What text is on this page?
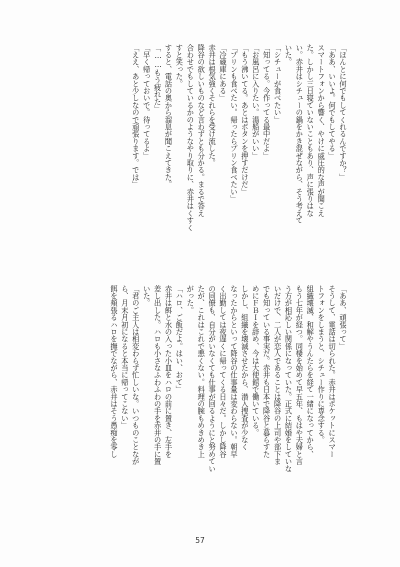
「ほんとに何でもしてくれるんですか？」
「ああ、いいよ。何でもしてやる」
スマートフォンから響く、やけに威圧的な声が聞こえ
た。しかし三日寝ていないこともあり、声に張りはな
い。赤井はシチューの鍋をかき混ぜながら、そう考えて
いた。
「シチューが食べたい」
「知ってる。今作ってる最中だよ」
「お風呂に入りたい。湯船がいい」
「もう沸いてる。あとはボタンを押すだけだ」
「プリンも食べたい。帰ったらプリン食べたい」
「冷蔵庫にある」
赤井は根気強くそれらを受け流した。
降谷の欲しいものなど言わずとも分かる。まるで答え
合わせでもしているかのようなやり取りに、赤井はくすく
すと笑った。
すると、電話の奥から溜息が聞こえてきた。
「……もう疲れた」
「早く帰っておいで。待ってるよ」
「ええ、あと少しなので頑張ります。では」
「ああ、頑張って」
そうして、電話は切られた。赤井はポケットにスマー
トフォンをしまうと、シチュー作りに専念する。
組織壊滅、和解やうんたらを経て一緒になってから、
もう七年が経つ。同棲を始めて早五年、もはや夫婦と言
う方が相応しい関係になっていた。正式に結婚をしていな
いだけで、二人が恋人であることは降谷の上司や部下ま
でも知っている事実だ。赤井も日本で降谷と暮らすた
めにＦＢＩを辞め、今は大使館で働いている。
しかし、組織を壊滅させたから、潜入捜査が少なく
なったからといって降谷の仕事量は変わらない。朝早
く出勤しては夜遅くに帰ってくる日々だ。しかし降谷
の同僚も、自分がいなくても仕事が回るようにと努めてい
たが、これはこれで悪くない。料理の腕もめきめき上
がった。
「ハロ、ご飯だよ。はい、おて」
赤井は餌と水の入った小皿をハロの前に置き、左手を
差し出した。ハロも小さなふわふわの手を赤井の手に置
いた。
「君のご主人は相変わらず忙しいな。いつものことなが
ら、月末月初になると本当に帰ってこない」
餌を頬張るハロを撫でながら、赤井はそう愚痴を零し
57
